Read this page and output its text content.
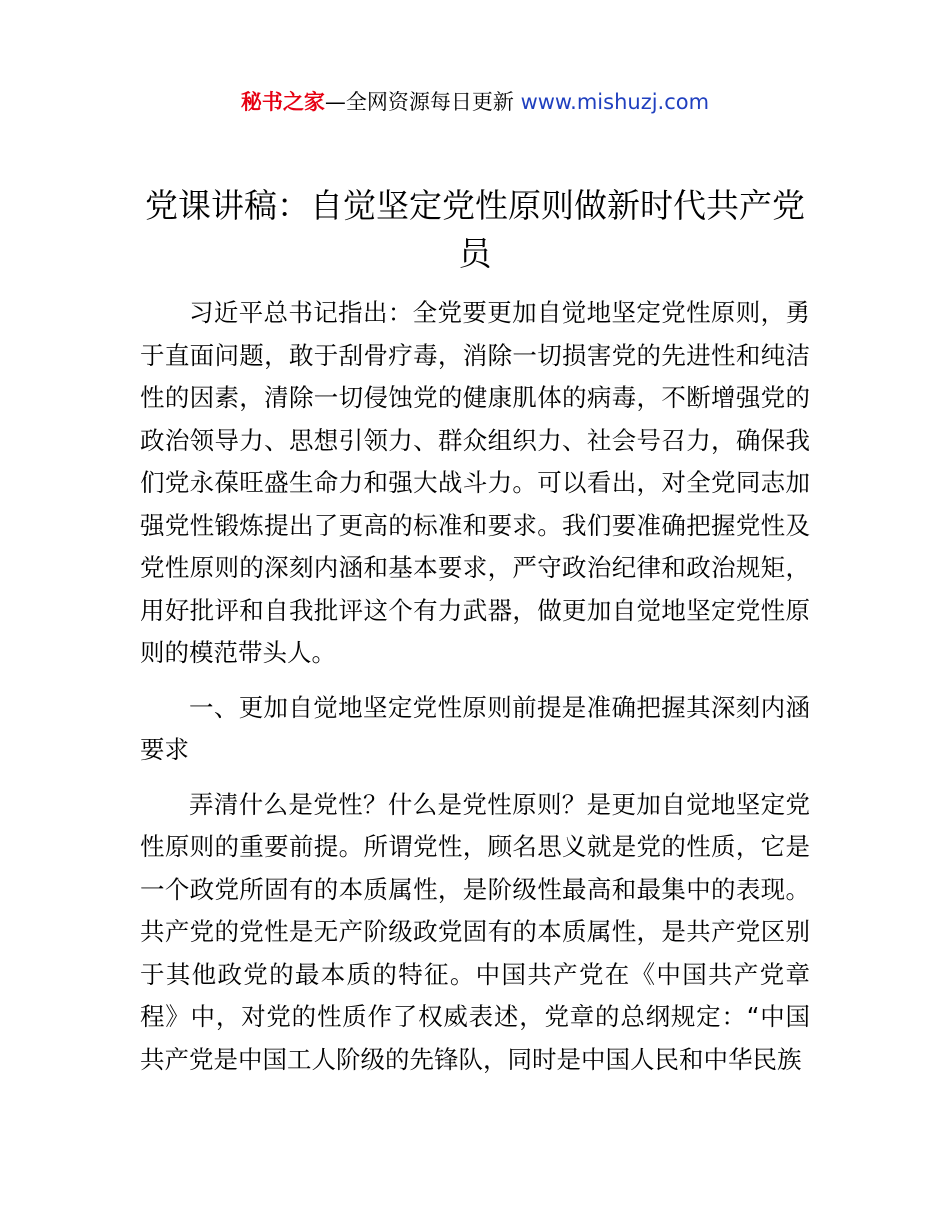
秘书之家—全网资源每日更新 www.mishuzj.com
党课讲稿：自觉坚定党性原则做新时代共产党员

习近平总书记指出：全党要更加自觉地坚定党性原则，勇于直面问题，敢于刮骨疗毒，消除一切损害党的先进性和纯洁性的因素，清除一切侵蚀党的健康肌体的病毒，不断增强党的政治领导力、思想引领力、群众组织力、社会号召力，确保我们党永葆旺盛生命力和强大战斗力。可以看出，对全党同志加强党性锻炼提出了更高的标准和要求。我们要准确把握党性及党性原则的深刻内涵和基本要求，严守政治纪律和政治规矩，用好批评和自我批评这个有力武器，做更加自觉地坚定党性原则的模范带头人。

一、更加自觉地坚定党性原则前提是准确把握其深刻内涵要求

弄清什么是党性？什么是党性原则？是更加自觉地坚定党性原则的重要前提。所谓党性，顾名思义就是党的性质，它是一个政党所固有的本质属性，是阶级性最高和最集中的表现。共产党的党性是无产阶级政党固有的本质属性，是共产党区别于其他政党的最本质的特征。中国共产党在《中国共产党章程》中，对党的性质作了权威表述，党章的总纲规定：“中国共产党是中国工人阶级的先锋队，同时是中国人民和中华民族
